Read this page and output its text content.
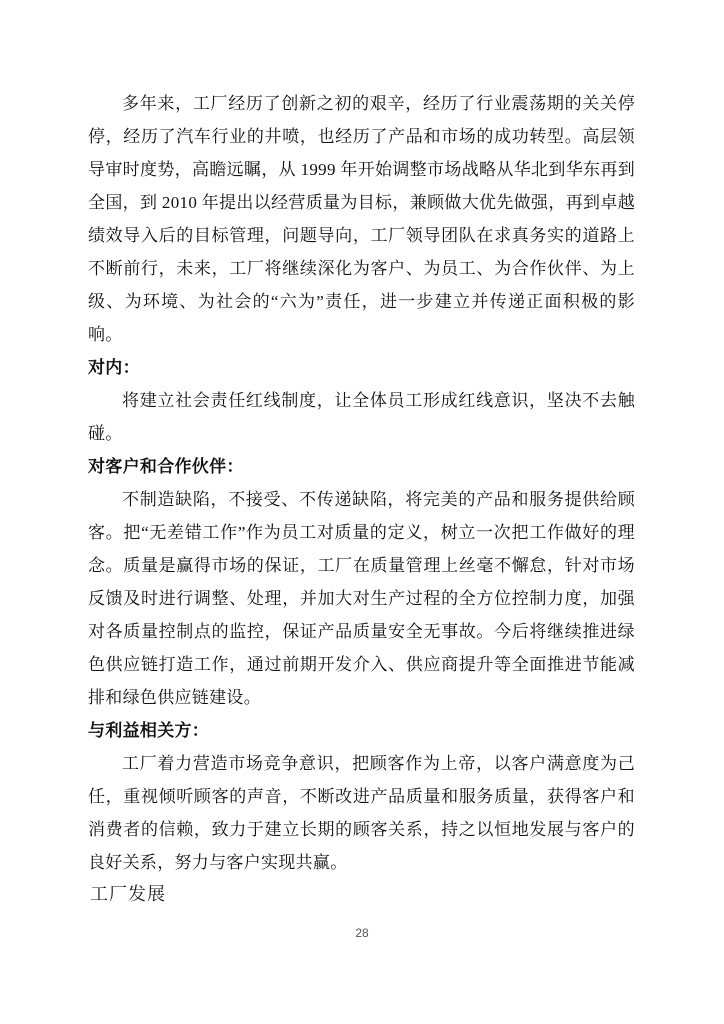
多年来，工厂经历了创新之初的艰辛，经历了行业震荡期的关关停停，经历了汽车行业的井喷，也经历了产品和市场的成功转型。高层领导审时度势，高瞻远瞩，从 1999 年开始调整市场战略从华北到华东再到全国，到 2010 年提出以经营质量为目标，兼顾做大优先做强，再到卓越绩效导入后的目标管理，问题导向，工厂领导团队在求真务实的道路上不断前行，未来，工厂将继续深化为客户、为员工、为合作伙伴、为上级、为环境、为社会的“六为”责任，进一步建立并传递正面积极的影响。

对内：

将建立社会责任红线制度，让全体员工形成红线意识，坚决不去触碰。

对客户和合作伙伴：

不制造缺陷，不接受、不传递缺陷，将完美的产品和服务提供给顾客。把“无差错工作”作为员工对质量的定义，树立一次把工作做好的理念。质量是赢得市场的保证，工厂在质量管理上丝毫不懈怠，针对市场反馈及时进行调整、处理，并加大对生产过程的全方位控制力度，加强对各质量控制点的监控，保证产品质量安全无事故。今后将继续推进绿色供应链打造工作，通过前期开发介入、供应商提升等全面推进节能减排和绿色供应链建设。

与利益相关方：

工厂着力营造市场竞争意识，把顾客作为上帝，以客户满意度为己任，重视倾听顾客的声音，不断改进产品质量和服务质量，获得客户和消费者的信赖，致力于建立长期的顾客关系，持之以恒地发展与客户的良好关系，努力与客户实现共赢。

工厂发展
28
